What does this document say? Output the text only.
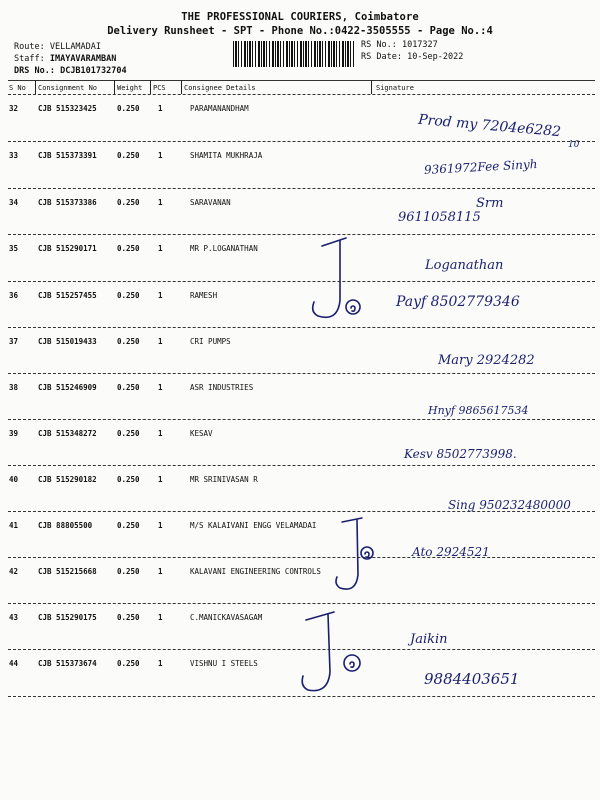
THE PROFESSIONAL COURIERS, Coimbatore
Delivery Runsheet - SPT - Phone No.:0422-3505555 - Page No.:4
Route: VELLAMADAI
Staff: IMAYAVARAMBAN
DRS No.: DCJB101732704
RS No.: 1017327
RS Date: 10-Sep-2022
S No Consignment No	Weight PCS	Consignee Details	Signature
32	CJB 515323425	0.250 1	PARAMANANDHAM
33	CJB 515373391	0.250 1	SHAMITA MUKHRAJA
34	CJB 515373386	0.250 1	SARAVANAN
35	CJB 515290171	0.250 1	MR P.LOGANATHAN
36	CJB 515257455	0.250 1	RAMESH
37	CJB 515019433	0.250 1	CRI PUMPS
38	CJB 515246909	0.250 1	ASR INDUSTRIES
39	CJB 515348272	0.250 1	KESAV
40	CJB 515290182	0.250 1	MR SRINIVASAN R
41	CJB 88805500	0.250 1	M/S KALAIVANI ENGG VELAMADAI
42	CJB 515215668	0.250 1	KALAVANI ENGINEERING CONTROLS
43	CJB 515290175	0.250 1	C.MANICKAVASAGAM
44	CJB 515373674	0.250 1	VISHNU I STEELS
Prod my 7204e6282
10
9361972Fee Sinyh
Srm
9611058115
Loganathan
Payf 8502779346
Mary 2924282
Hnyf 9865617534
Kesv 8502773998.
Sing 950232480000
Ato 2924521
Jaikin
9884403651
